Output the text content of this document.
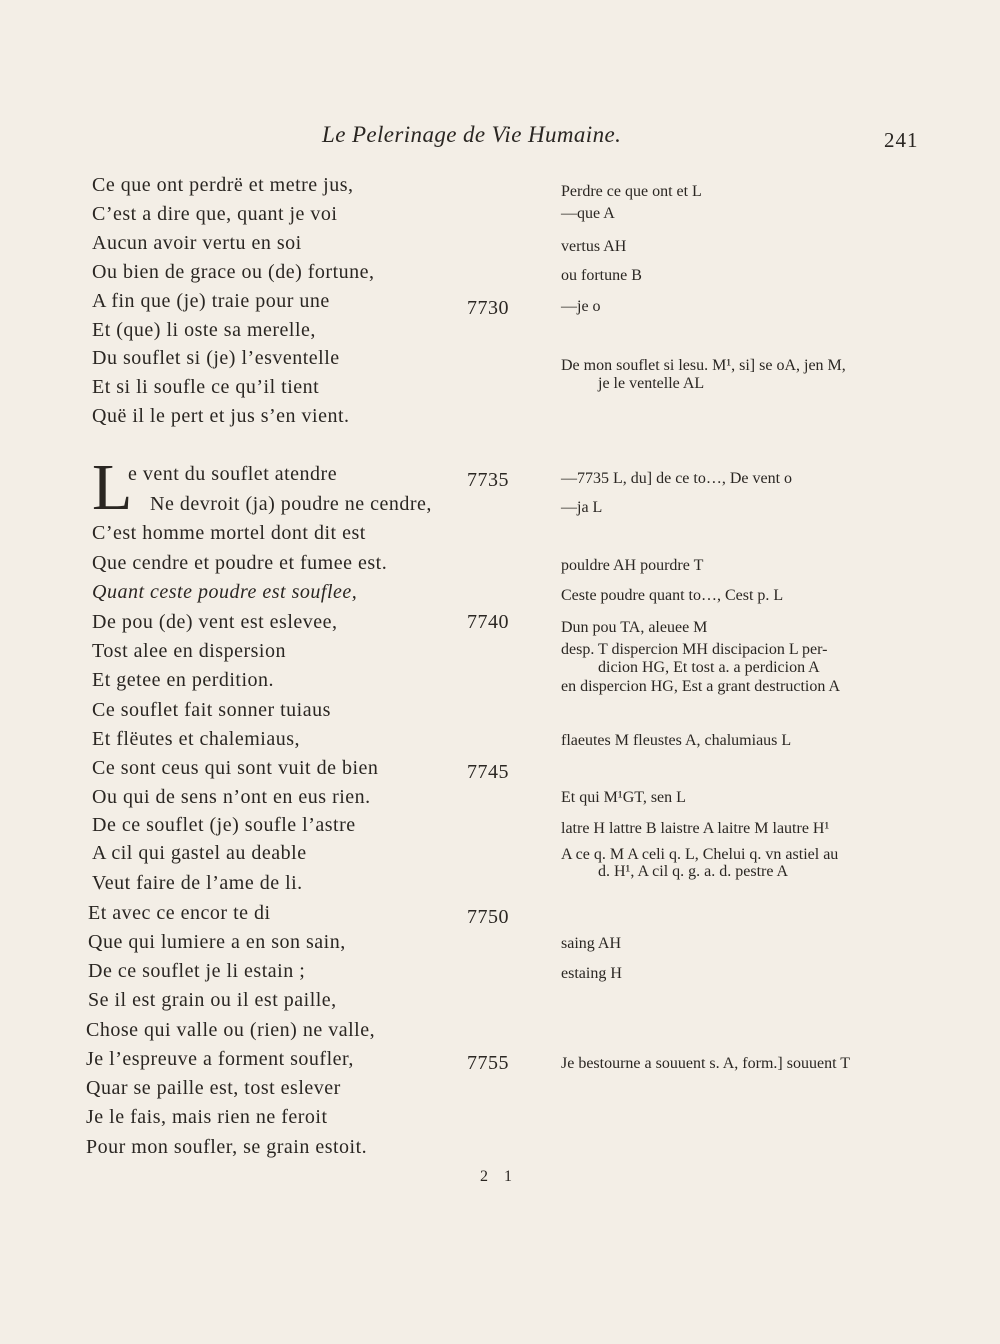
Le Pelerinage de Vie Humaine.	241
Ce que ont perdrë et metre jus,
C’est a dire que, quant je voi
Aucun avoir vertu en soi
Ou bien de grace ou (de) fortune,
A fin que (je) traie pour une
Et (que) li oste sa merelle,
Du souflet si (je) l’esventelle
Et si li soufle ce qu’il tient
Quë il le pert et jus s’en vient.
L
e vent du souflet atendre
Ne devroit (ja) poudre ne cendre,
C’est homme mortel dont dit est
Que cendre et poudre et fumee est.
Quant ceste poudre est souflee,
De pou (de) vent est eslevee,
Tost alee en dispersion
Et getee en perdition.
Ce souflet fait sonner tuiaus
Et flëutes et chalemiaus,
Ce sont ceus qui sont vuit de bien
Ou qui de sens n’ont en eus rien.
De ce souflet (je) soufle l’astre
A cil qui gastel au deable
Veut faire de l’ame de li.
Et avec ce encor te di
Que qui lumiere a en son sain,
De ce souflet je li estain ;
Se il est grain ou il est paille,
Chose qui valle ou (rien) ne valle,
Je l’espreuve a forment soufler,
Quar se paille est, tost eslever
Je le fais, mais rien ne feroit
Pour mon soufler, se grain estoit.
7730
7735
7740
7745
7750
7755
Perdre ce que ont et L
—que A
vertus AH
ou fortune B
—je o
De mon souflet si lesu. M¹, si] se oA, jen M,
je le ventelle AL
—7735 L, du] de ce to…, De vent o
—ja L
pouldre AH pourdre T
Ceste poudre quant to…, Cest p. L
Dun pou TA, aleuee M
desp. T dispercion MH discipacion L per-
dicion HG, Et tost a. a perdicion A
en dispercion HG, Est a grant destruction A
flaeutes M fleustes A, chalumiaus L
Et qui M¹GT, sen L
latre H lattre B laistre A laitre M lautre H¹
A ce q. M A celi q. L, Chelui q. vn astiel au
d. H¹, A cil q. g. a. d. pestre A
saing AH
estaing H
Je bestourne a souuent s. A, form.] souuent T
2 1
